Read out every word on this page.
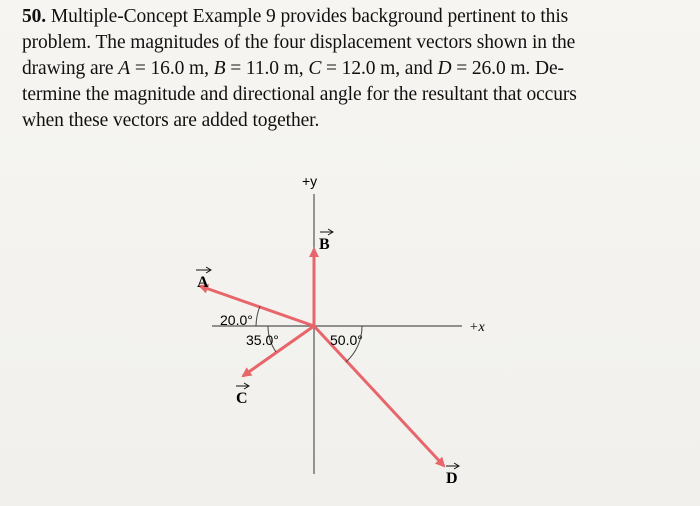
50. Multiple-Concept Example 9 provides background pertinent to this
problem. The magnitudes of the four displacement vectors shown in the
drawing are A = 16.0 m, B = 11.0 m, C = 12.0 m, and D = 26.0 m. De-
termine the magnitude and directional angle for the resultant that occurs
when these vectors are added together.
+y
+x
A
B
C
D
20.0°
35.0°	50.0°
